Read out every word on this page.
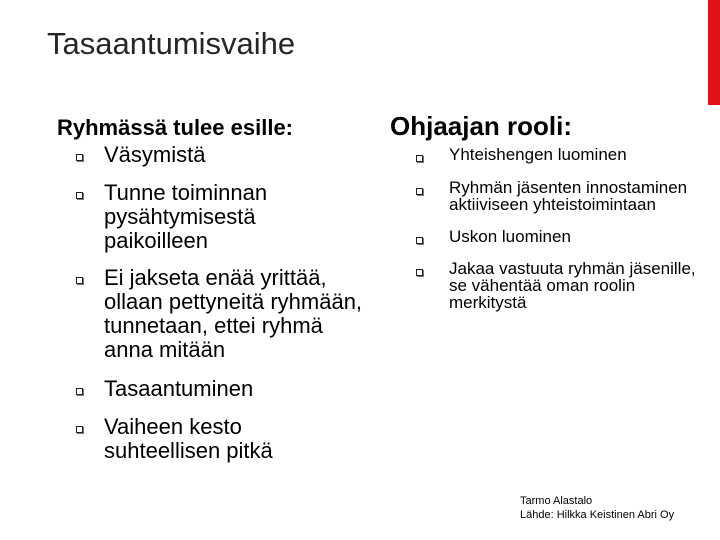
Tasaantumisvaihe
Ryhmässä tulee esille:
Väsymistä
Tunne toiminnan pysähtymisestä paikoilleen
Ei jakseta enää yrittää, ollaan pettyneitä ryhmään, tunnetaan, ettei ryhmä anna mitään
Tasaantuminen
Vaiheen kesto suhteellisen pitkä
Ohjaajan rooli:
Yhteishengen luominen
Ryhmän jäsenten innostaminen aktiiviseen yhteistoimintaan
Uskon luominen
Jakaa vastuuta ryhmän jäsenille, se vähentää oman roolin merkitystä
Tarmo Alastalo
Lähde: Hilkka Keistinen Abri Oy
